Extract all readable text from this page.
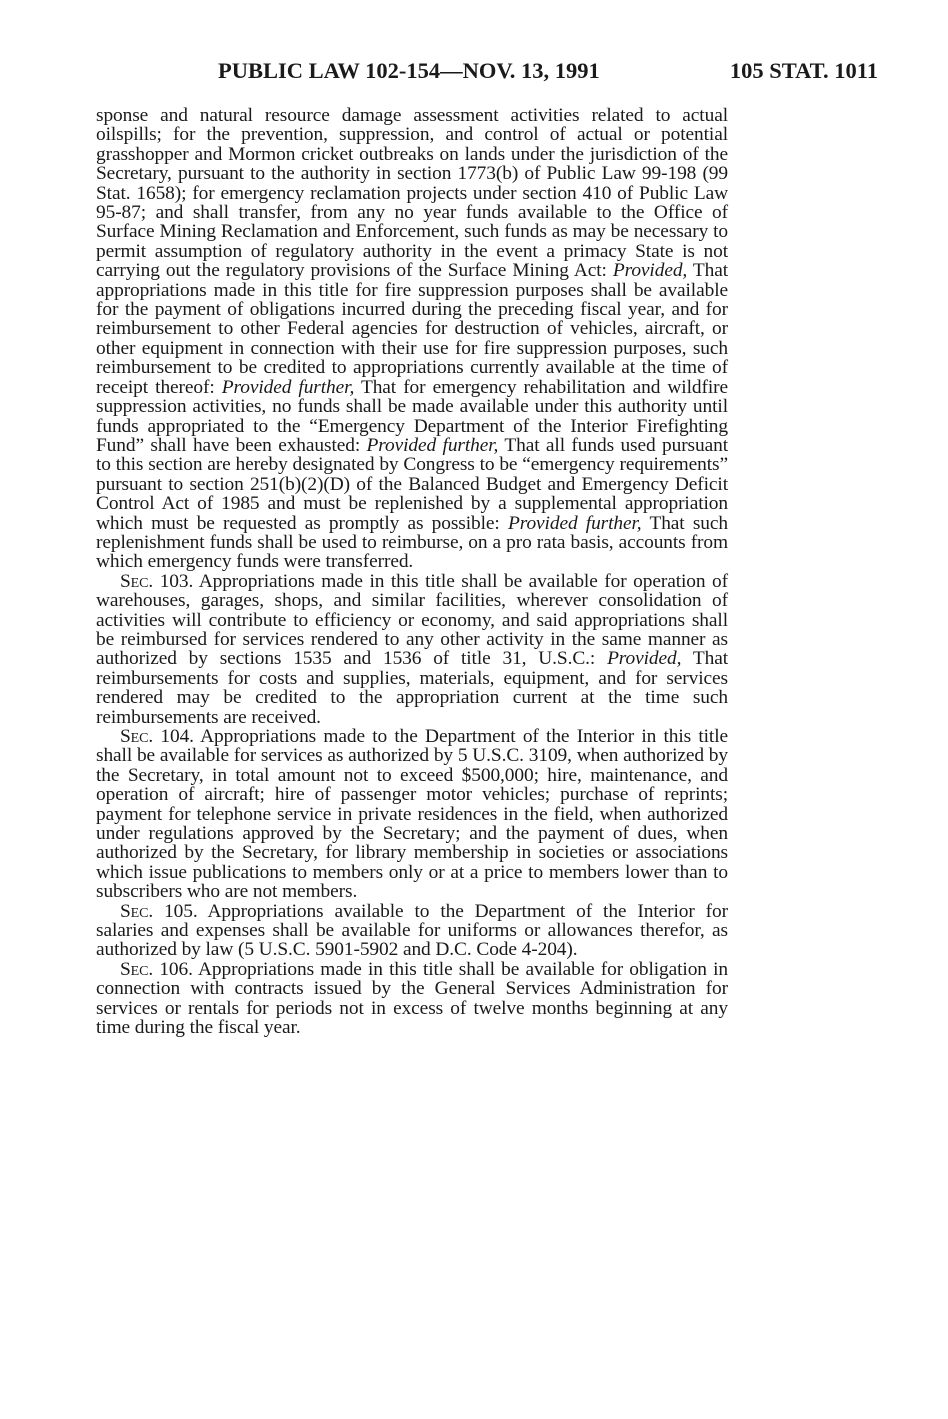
PUBLIC LAW 102-154—NOV. 13, 1991	105 STAT. 1011

sponse and natural resource damage assessment activities related to actual oilspills; for the prevention, suppression, and control of actual or potential grasshopper and Mormon cricket outbreaks on lands under the jurisdiction of the Secretary, pursuant to the authority in section 1773(b) of Public Law 99-198 (99 Stat. 1658); for emergency reclamation projects under section 410 of Public Law 95-87; and shall transfer, from any no year funds available to the Office of Surface Mining Reclamation and Enforcement, such funds as may be necessary to permit assumption of regulatory authority in the event a primacy State is not carrying out the regulatory provisions of the Surface Mining Act: Provided, That appropriations made in this title for fire suppression purposes shall be available for the payment of obligations incurred during the preceding fiscal year, and for reimbursement to other Federal agencies for destruction of vehicles, aircraft, or other equipment in connection with their use for fire suppression purposes, such reimbursement to be credited to appropriations currently available at the time of receipt thereof: Provided further, That for emergency rehabilitation and wildfire suppression activities, no funds shall be made available under this authority until funds appropriated to the “Emergency Department of the Interior Firefighting Fund” shall have been exhausted: Provided further, That all funds used pursuant to this section are hereby designated by Congress to be “emergency requirements” pursuant to section 251(b)(2)(D) of the Balanced Budget and Emergency Deficit Control Act of 1985 and must be replenished by a supplemental appropriation which must be requested as promptly as possible: Provided further, That such replenishment funds shall be used to reimburse, on a pro rata basis, accounts from which emergency funds were transferred.

Sec. 103. Appropriations made in this title shall be available for operation of warehouses, garages, shops, and similar facilities, wherever consolidation of activities will contribute to efficiency or economy, and said appropriations shall be reimbursed for services rendered to any other activity in the same manner as authorized by sections 1535 and 1536 of title 31, U.S.C.: Provided, That reimbursements for costs and supplies, materials, equipment, and for services rendered may be credited to the appropriation current at the time such reimbursements are received.

Sec. 104. Appropriations made to the Department of the Interior in this title shall be available for services as authorized by 5 U.S.C. 3109, when authorized by the Secretary, in total amount not to exceed $500,000; hire, maintenance, and operation of aircraft; hire of passenger motor vehicles; purchase of reprints; payment for telephone service in private residences in the field, when authorized under regulations approved by the Secretary; and the payment of dues, when authorized by the Secretary, for library membership in societies or associations which issue publications to members only or at a price to members lower than to subscribers who are not members.

Sec. 105. Appropriations available to the Department of the Interior for salaries and expenses shall be available for uniforms or allowances therefor, as authorized by law (5 U.S.C. 5901-5902 and D.C. Code 4-204).

Sec. 106. Appropriations made in this title shall be available for obligation in connection with contracts issued by the General Services Administration for services or rentals for periods not in excess of twelve months beginning at any time during the fiscal year.
